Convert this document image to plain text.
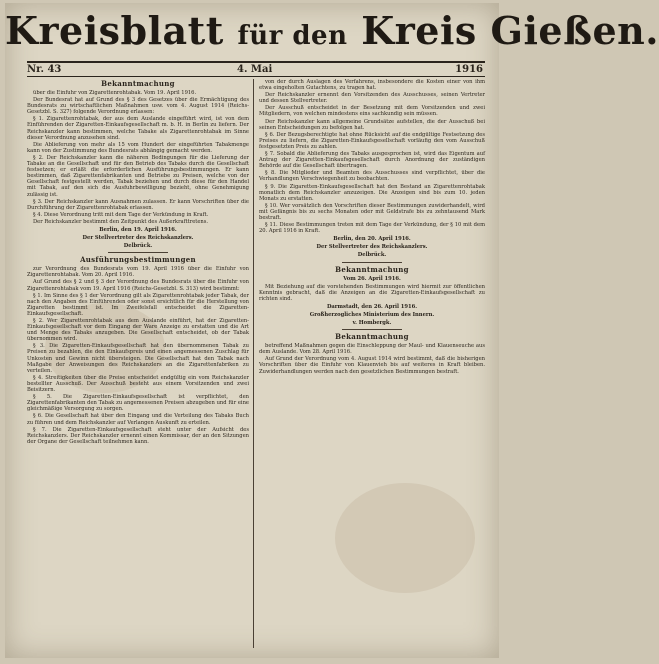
Kreisblatt für den Kreis Gießen.
Nr. 43	4. Mai	1916
Bekanntmachung

über die Einfuhr von Zigarettenrohtabak. Vom 19. April 1916.

Der Bundesrat hat auf Grund des § 3 des Gesetzes über die Ermächtigung des Bundesrats zu wirtschaftlichen Maßnahmen usw. vom 4. August 1914 (Reichs-Gesetzbl. S. 327) folgende Verordnung erlassen:

§ 1. Zigarettenrohtabak, der aus dem Auslande eingeführt wird, ist von dem Einführenden der Zigaretten-Einkaufsgesellschaft m. b. H. in Berlin zu liefern. Der Reichskanzler kann bestimmen, welche Tabake als Zigarettenrohtabak im Sinne dieser Verordnung anzusehen sind.

Die Ablieferung von mehr als 15 vom Hundert der eingeführten Tabakmenge kann von der Zustimmung des Bundesrats abhängig gemacht werden.

§ 2. Der Reichskanzler kann die näheren Bedingungen für die Lieferung der Tabake an die Gesellschaft und für den Betrieb des Tabaks durch die Gesellschaft festsetzen; er erläßt die erforderlichen Ausführungsbestimmungen. Er kann bestimmen, daß Zigarettenfabrikanten und Betriebe zu Preisen, welche von der Gesellschaft festgestellt werden, Tabak beziehen und durch diese für den Handel mit Tabak, auf den sich die Ausfuhrbewilligung bezieht, ohne Genehmigung zulässig ist.

§ 3. Der Reichskanzler kann Ausnahmen zulassen. Er kann Vorschriften über die Durchführung der Zigarettenrohtabak erlassen.

§ 4. Diese Verordnung tritt mit dem Tage der Verkündung in Kraft.

Der Reichskanzler bestimmt den Zeitpunkt des Außerkrafttretens.

Berlin, den 19. April 1916.

Der Stellvertreter des Reichskanzlers.

Delbrück.

Ausführungsbestimmungen

zur Verordnung des Bundesrats vom 19. April 1916 über die Einfuhr von Zigarettenrohtabak. Vom 20. April 1916.

Auf Grund des § 2 und § 3 der Verordnung des Bundesrats über die Einfuhr von Zigarettenrohtabak vom 19. April 1916 (Reichs-Gesetzbl. S. 313) wird bestimmt:

§ 1. Im Sinne des § 1 der Verordnung gilt als Zigarettenrohtabak jeder Tabak, der nach den Angaben des Einführenden oder sonst ersichtlich für die Herstellung von Zigaretten bestimmt ist. Im Zweifelsfall entscheidet die Zigaretten-Einkaufsgesellschaft.

§ 2. Wer Zigarettenrohtabak aus dem Auslande einführt, hat der Zigaretten-Einkaufsgesellschaft vor dem Eingang der Ware Anzeige zu erstatten und die Art und Menge des Tabaks anzugeben. Die Gesellschaft entscheidet, ob der Tabak übernommen wird.

§ 3. Die Zigaretten-Einkaufsgesellschaft hat den übernommenen Tabak zu Preisen zu bezahlen, die den Einkaufspreis und einen angemessenen Zuschlag für Unkosten und Gewinn nicht übersteigen. Die Gesellschaft hat den Tabak nach Maßgabe der Anweisungen des Reichskanzlers an die Zigarettenfabriken zu verteilen.

§ 4. Streitigkeiten über die Preise entscheidet endgültig ein vom Reichskanzler bestellter Ausschuß. Der Ausschuß besteht aus einem Vorsitzenden und zwei Beisitzern.

§ 5. Die Zigaretten-Einkaufsgesellschaft ist verpflichtet, den Zigarettenfabrikanten den Tabak zu angemessenen Preisen abzugeben und für eine gleichmäßige Versorgung zu sorgen.

§ 6. Die Gesellschaft hat über den Eingang und die Verteilung des Tabaks Buch zu führen und dem Reichskanzler auf Verlangen Auskunft zu erteilen.

§ 7. Die Zigaretten-Einkaufsgesellschaft steht unter der Aufsicht des Reichskanzlers. Der Reichskanzler ernennt einen Kommissar, der an den Sitzungen der Organe der Gesellschaft teilnehmen kann.

von der durch Auslagen des Verfahrens, insbesondere die Kosten einer von ihm etwa eingeholten Gutachtens, zu tragen hat.

Der Reichskanzler ernennt den Vorsitzenden des Ausschusses, seinen Vertreter und dessen Stellvertreter.

Der Ausschuß entscheidet in der Besetzung mit dem Vorsitzenden und zwei Mitgliedern, von welchen mindestens eins sachkundig sein müssen.

Der Reichskanzler kann allgemeine Grundsätze aufstellen, die der Ausschuß bei seinen Entscheidungen zu befolgen hat.

§ 6. Der Bezugsberechtigte hat ohne Rücksicht auf die endgültige Festsetzung des Preises zu liefern, die Zigaretten-Einkaufsgesellschaft vorläufig den vom Ausschuß festgesetzten Preis zu zahlen.

§ 7. Sobald die Ablieferung des Tabaks ausgesprochen ist, wird das Eigentum auf Antrag der Zigaretten-Einkaufsgesellschaft durch Anordnung der zuständigen Behörde auf die Gesellschaft übertragen.

§ 8. Die Mitglieder und Beamten des Ausschusses sind verpflichtet, über die Verhandlungen Verschwiegenheit zu beobachten.

§ 9. Die Zigaretten-Einkaufsgesellschaft hat den Bestand an Zigarettenrohtabak monatlich dem Reichskanzler anzuzeigen. Die Anzeigen sind bis zum 10. jeden Monats zu erstatten.

§ 10. Wer vorsätzlich den Vorschriften dieser Bestimmungen zuwiderhandelt, wird mit Gefängnis bis zu sechs Monaten oder mit Geldstrafe bis zu zehntausend Mark bestraft.

§ 11. Diese Bestimmungen treten mit dem Tage der Verkündung, der § 10 mit dem 20. April 1916 in Kraft.

Berlin, den 20. April 1916.

Der Stellvertreter des Reichskanzlers.

Delbrück.

Bekanntmachung

Vom 26. April 1916.

Mit Beziehung auf die vorstehenden Bestimmungen wird hiermit zur öffentlichen Kenntnis gebracht, daß die Anzeigen an die Zigaretten-Einkaufsgesellschaft zu richten sind.

Darmstadt, den 26. April 1916.

Großherzogliches Ministerium des Innern.

v. Hombergk.

Bekanntmachung

betreffend Maßnahmen gegen die Einschleppung der Maul- und Klauenseuche aus dem Auslande. Vom 28. April 1916.

Auf Grund der Verordnung vom 4. August 1914 wird bestimmt, daß die bisherigen Vorschriften über die Einfuhr von Klauenvieh bis auf weiteres in Kraft bleiben. Zuwiderhandlungen werden nach den gesetzlichen Bestimmungen bestraft.
